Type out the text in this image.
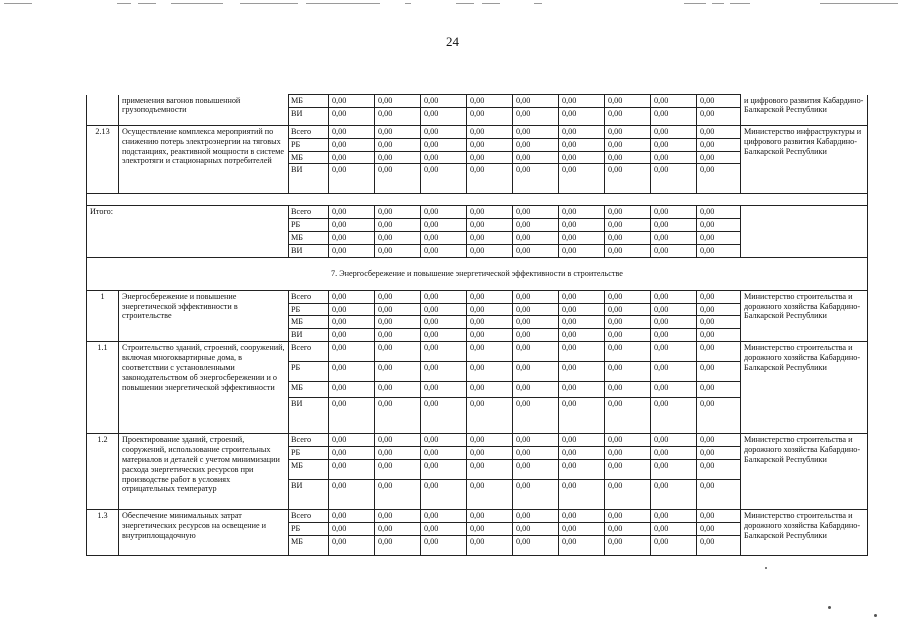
24
	применения вагонов повышенной грузоподъемности	МБ	0,00	0,00	0,00	0,00	0,00	0,00	0,00	0,00	0,00	и цифрового развития Кабардино-Балкарской Республики
		ВИ	0,00	0,00	0,00	0,00	0,00	0,00	0,00	0,00	0,00	
2.13	Осуществление комплекса мероприятий по снижению потерь электроэнергии на тяговых подстанциях, реактивной мощности в системе электротяги и стационарных потребителей	Всего	0,00	0,00	0,00	0,00	0,00	0,00	0,00	0,00	0,00	Министерство инфраструктуры и цифрового развития Кабардино-Балкарской Республики
		РБ	0,00	0,00	0,00	0,00	0,00	0,00	0,00	0,00	0,00	
		МБ	0,00	0,00	0,00	0,00	0,00	0,00	0,00	0,00	0,00	
		ВИ	0,00	0,00	0,00	0,00	0,00	0,00	0,00	0,00	0,00	

Итого:		Всего	0,00	0,00	0,00	0,00	0,00	0,00	0,00	0,00	0,00	
		РБ	0,00	0,00	0,00	0,00	0,00	0,00	0,00	0,00	0,00	
		МБ	0,00	0,00	0,00	0,00	0,00	0,00	0,00	0,00	0,00	
		ВИ	0,00	0,00	0,00	0,00	0,00	0,00	0,00	0,00	0,00	
7. Энергосбережение и повышение энергетической эффективности в строительстве												
1	Энергосбережение и повышение энергетической эффективности в строительстве	Всего	0,00	0,00	0,00	0,00	0,00	0,00	0,00	0,00	0,00	Министерство строительства и дорожного хозяйства Кабардино-Балкарской Республики
		РБ	0,00	0,00	0,00	0,00	0,00	0,00	0,00	0,00	0,00	
		МБ	0,00	0,00	0,00	0,00	0,00	0,00	0,00	0,00	0,00	
		ВИ	0,00	0,00	0,00	0,00	0,00	0,00	0,00	0,00	0,00	
1.1	Строительство зданий, строений, сооружений, включая многоквартирные дома, в соответствии с установленными законодательством об энергосбережении и о повышении энергетической эффективности	Всего	0,00	0,00	0,00	0,00	0,00	0,00	0,00	0,00	0,00	Министерство строительства и дорожного хозяйства Кабардино-Балкарской Республики
		РБ	0,00	0,00	0,00	0,00	0,00	0,00	0,00	0,00	0,00	
		МБ	0,00	0,00	0,00	0,00	0,00	0,00	0,00	0,00	0,00	
		ВИ	0,00	0,00	0,00	0,00	0,00	0,00	0,00	0,00	0,00	
1.2	Проектирование зданий, строений, сооружений, использование строительных материалов и деталей с учетом минимизации расхода энергетических ресурсов при производстве работ в условиях отрицательных температур	Всего	0,00	0,00	0,00	0,00	0,00	0,00	0,00	0,00	0,00	Министерство строительства и дорожного хозяйства Кабардино-Балкарской Республики
		РБ	0,00	0,00	0,00	0,00	0,00	0,00	0,00	0,00	0,00	
		МБ	0,00	0,00	0,00	0,00	0,00	0,00	0,00	0,00	0,00	
		ВИ	0,00	0,00	0,00	0,00	0,00	0,00	0,00	0,00	0,00	
1.3	Обеспечение минимальных затрат энергетических ресурсов на освещение и внутриплощадочную	Всего	0,00	0,00	0,00	0,00	0,00	0,00	0,00	0,00	0,00	Министерство строительства и дорожного хозяйства Кабардино-Балкарской Республики
		РБ	0,00	0,00	0,00	0,00	0,00	0,00	0,00	0,00	0,00	
		МБ	0,00	0,00	0,00	0,00	0,00	0,00	0,00	0,00	0,00	
